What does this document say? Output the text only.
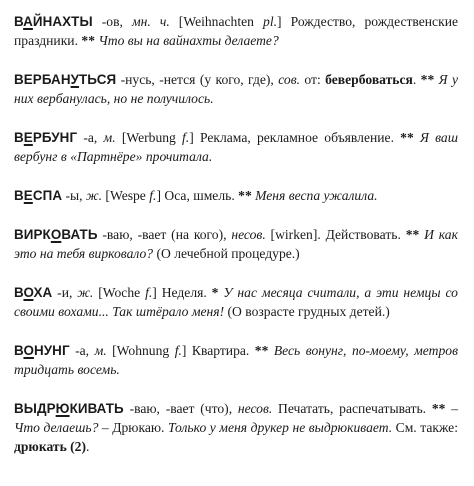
ВАЙНАХТЫ -ов, мн. ч. [Weihnachten pl.] Рождество, рождественские праздники. ** Что вы на вайнахты делаете?

ВЕРБАНУТЬСЯ -нусь, -нется (у кого, где), сов. от: бевербоваться. ** Я у них вербанулась, но не получилось.

ВЕРБУНГ -а, м. [Werbung f.] Реклама, рекламное объявление. ** Я ваш вербунг в «Партнёре» прочитала.

ВЕСПА -ы, ж. [Wespe f.] Оса, шмель. ** Меня веспа ужалила.

ВИРКОВАТЬ -ваю, -вает (на кого), несов. [wirken]. Действовать. ** И как это на тебя вирковало? (О лечебной процедуре.)

ВОХА -и, ж. [Woche f.] Неделя. * У нас месяца считали, а эти немцы со своими вохами... Так штёрало меня! (О возрасте грудных детей.)

ВОНУНГ -а, м. [Wohnung f.] Квартира. ** Весь вонунг, по-моему, метров тридцать восемь.

ВЫДРЮКИВАТЬ -ваю, -вает (что), несов. Печатать, распечатывать. ** – Что делаешь? – Дрюкаю. Только у меня друкер не выдрюкивает. См. также: дрюкать (2).
